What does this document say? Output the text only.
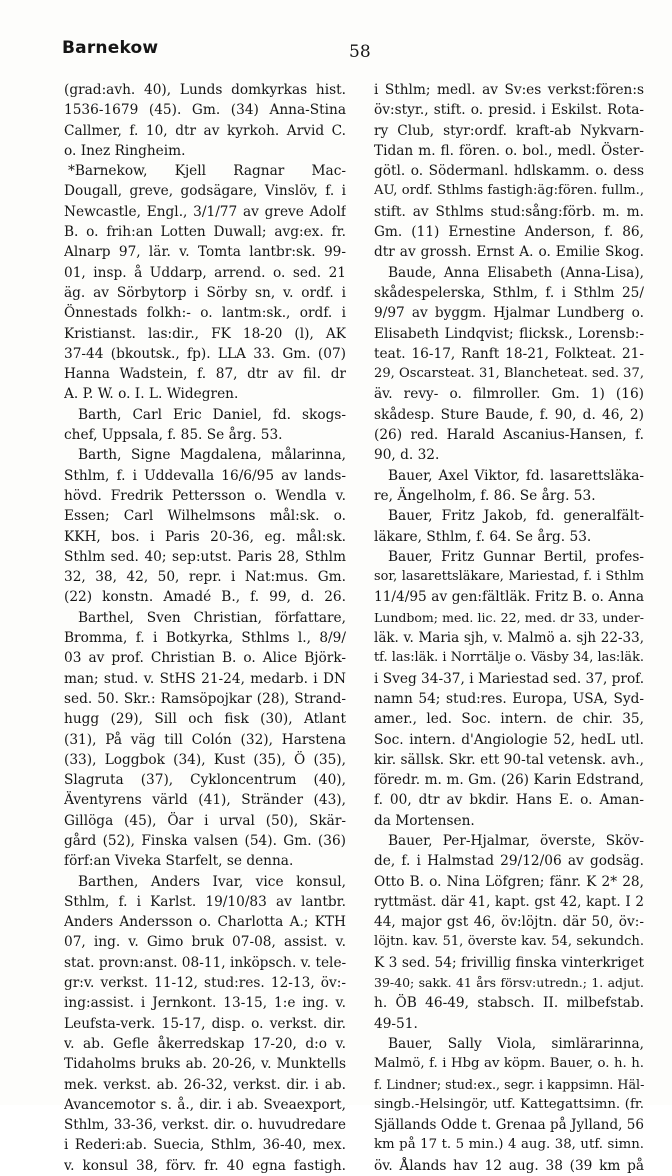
Barnekow	58
(grad:avh. 40), Lunds domkyrkas hist.
1536-1679 (45). Gm. (34) Anna-Stina
Callmer, f. 10, dtr av kyrkoh. Arvid C.
o. Inez Ringheim.
*Barnekow, Kjell Ragnar Mac-
Dougall, greve, godsägare, Vinslöv, f. i
Newcastle, Engl., 3/1/77 av greve Adolf
B. o. frih:an Lotten Duwall; avg:ex. fr.
Alnarp 97, lär. v. Tomta lantbr:sk. 99-
01, insp. å Uddarp, arrend. o. sed. 21
äg. av Sörbytorp i Sörby sn, v. ordf. i
Önnestads folkh:- o. lantm:sk., ordf. i
Kristianst. las:dir., FK 18-20 (l), AK
37-44 (bkoutsk., fp). LLA 33. Gm. (07)
Hanna Wadstein, f. 87, dtr av fil. dr
A. P. W. o. I. L. Widegren.
Barth, Carl Eric Daniel, fd. skogs-
chef, Uppsala, f. 85. Se årg. 53.
Barth, Signe Magdalena, målarinna,
Sthlm, f. i Uddevalla 16/6/95 av lands-
hövd. Fredrik Pettersson o. Wendla v.
Essen; Carl Wilhelmsons mål:sk. o.
KKH, bos. i Paris 20-36, eg. mål:sk.
Sthlm sed. 40; sep:utst. Paris 28, Sthlm
32, 38, 42, 50, repr. i Nat:mus. Gm.
(22) konstn. Amadé B., f. 99, d. 26.
Barthel, Sven Christian, författare,
Bromma, f. i Botkyrka, Sthlms l., 8/9/
03 av prof. Christian B. o. Alice Björk-
man; stud. v. StHS 21-24, medarb. i DN
sed. 50. Skr.: Ramsöpojkar (28), Strand-
hugg (29), Sill och fisk (30), Atlant
(31), På väg till Colón (32), Harstena
(33), Loggbok (34), Kust (35), Ö (35),
Slagruta (37), Cykloncentrum (40),
Äventyrens värld (41), Stränder (43),
Gillöga (45), Öar i urval (50), Skär-
gård (52), Finska valsen (54). Gm. (36)
förf:an Viveka Starfelt, se denna.
Barthen, Anders Ivar, vice konsul,
Sthlm, f. i Karlst. 19/10/83 av lantbr.
Anders Andersson o. Charlotta A.; KTH
07, ing. v. Gimo bruk 07-08, assist. v.
stat. provn:anst. 08-11, inköpsch. v. tele-
gr:v. verkst. 11-12, stud:res. 12-13, öv:-
ing:assist. i Jernkont. 13-15, 1:e ing. v.
Leufsta-verk. 15-17, disp. o. verkst. dir.
v. ab. Gefle åkerredskap 17-20, d:o v.
Tidaholms bruks ab. 20-26, v. Munktells
mek. verkst. ab. 26-32, verkst. dir. i ab.
Avancemotor s. å., dir. i ab. Sveaexport,
Sthlm, 33-36, verkst. dir. o. huvudredare
i Rederi:ab. Suecia, Sthlm, 36-40, mex.
v. konsul 38, förv. fr. 40 egna fastigh.
i Sthlm; medl. av Sv:es verkst:fören:s
öv:styr., stift. o. presid. i Eskilst. Rota-
ry Club, styr:ordf. kraft-ab Nykvarn-
Tidan m. fl. fören. o. bol., medl. Öster-
götl. o. Södermanl. hdlskamm. o. dess
AU, ordf. Sthlms fastigh:äg:fören. fullm.,
stift. av Sthlms stud:sång:förb. m. m.
Gm. (11) Ernestine Anderson, f. 86,
dtr av grossh. Ernst A. o. Emilie Skog.
Baude, Anna Elisabeth (Anna-Lisa),
skådespelerska, Sthlm, f. i Sthlm 25/
9/97 av byggm. Hjalmar Lundberg o.
Elisabeth Lindqvist; flicksk., Lorensb:-
teat. 16-17, Ranft 18-21, Folkteat. 21-
29, Oscarsteat. 31, Blancheteat. sed. 37,
äv. revy- o. filmroller. Gm. 1) (16)
skådesp. Sture Baude, f. 90, d. 46, 2)
(26) red. Harald Ascanius-Hansen, f.
90, d. 32.
Bauer, Axel Viktor, fd. lasarettsläka-
re, Ängelholm, f. 86. Se årg. 53.
Bauer, Fritz Jakob, fd. generalfält-
läkare, Sthlm, f. 64. Se årg. 53.
Bauer, Fritz Gunnar Bertil, profes-
sor, lasarettsläkare, Mariestad, f. i Sthlm
11/4/95 av gen:fältläk. Fritz B. o. Anna
Lundbom; med. lic. 22, med. dr 33, under-
läk. v. Maria sjh, v. Malmö a. sjh 22-33,
tf. las:läk. i Norrtälje o. Väsby 34, las:läk.
i Sveg 34-37, i Mariestad sed. 37, prof.
namn 54; stud:res. Europa, USA, Syd-
amer., led. Soc. intern. de chir. 35,
Soc. intern. d'Angiologie 52, hedL utl.
kir. sällsk. Skr. ett 90-tal vetensk. avh.,
föredr. m. m. Gm. (26) Karin Edstrand,
f. 00, dtr av bkdir. Hans E. o. Aman-
da Mortensen.
Bauer, Per-Hjalmar, överste, Sköv-
de, f. i Halmstad 29/12/06 av godsäg.
Otto B. o. Nina Löfgren; fänr. K 2* 28,
ryttmäst. där 41, kapt. gst 42, kapt. I 2
44, major gst 46, öv:löjtn. där 50, öv:-
löjtn. kav. 51, överste kav. 54, sekundch.
K 3 sed. 54; frivillig finska vinterkriget
39-40; sakk. 41 års försv:utredn.; 1. adjut.
h. ÖB 46-49, stabsch. II. milbefstab.
49-51.
Bauer, Sally Viola, simlärarinna,
Malmö, f. i Hbg av köpm. Bauer, o. h. h.
f. Lindner; stud:ex., segr. i kappsimn. Häl-
singb.-Helsingör, utf. Kattegattsimn. (fr.
Själlands Odde t. Grenaa på Jylland, 56
km på 17 t. 5 min.) 4 aug. 38, utf. simn.
öv. Ålands hav 12 aug. 38 (39 km på
